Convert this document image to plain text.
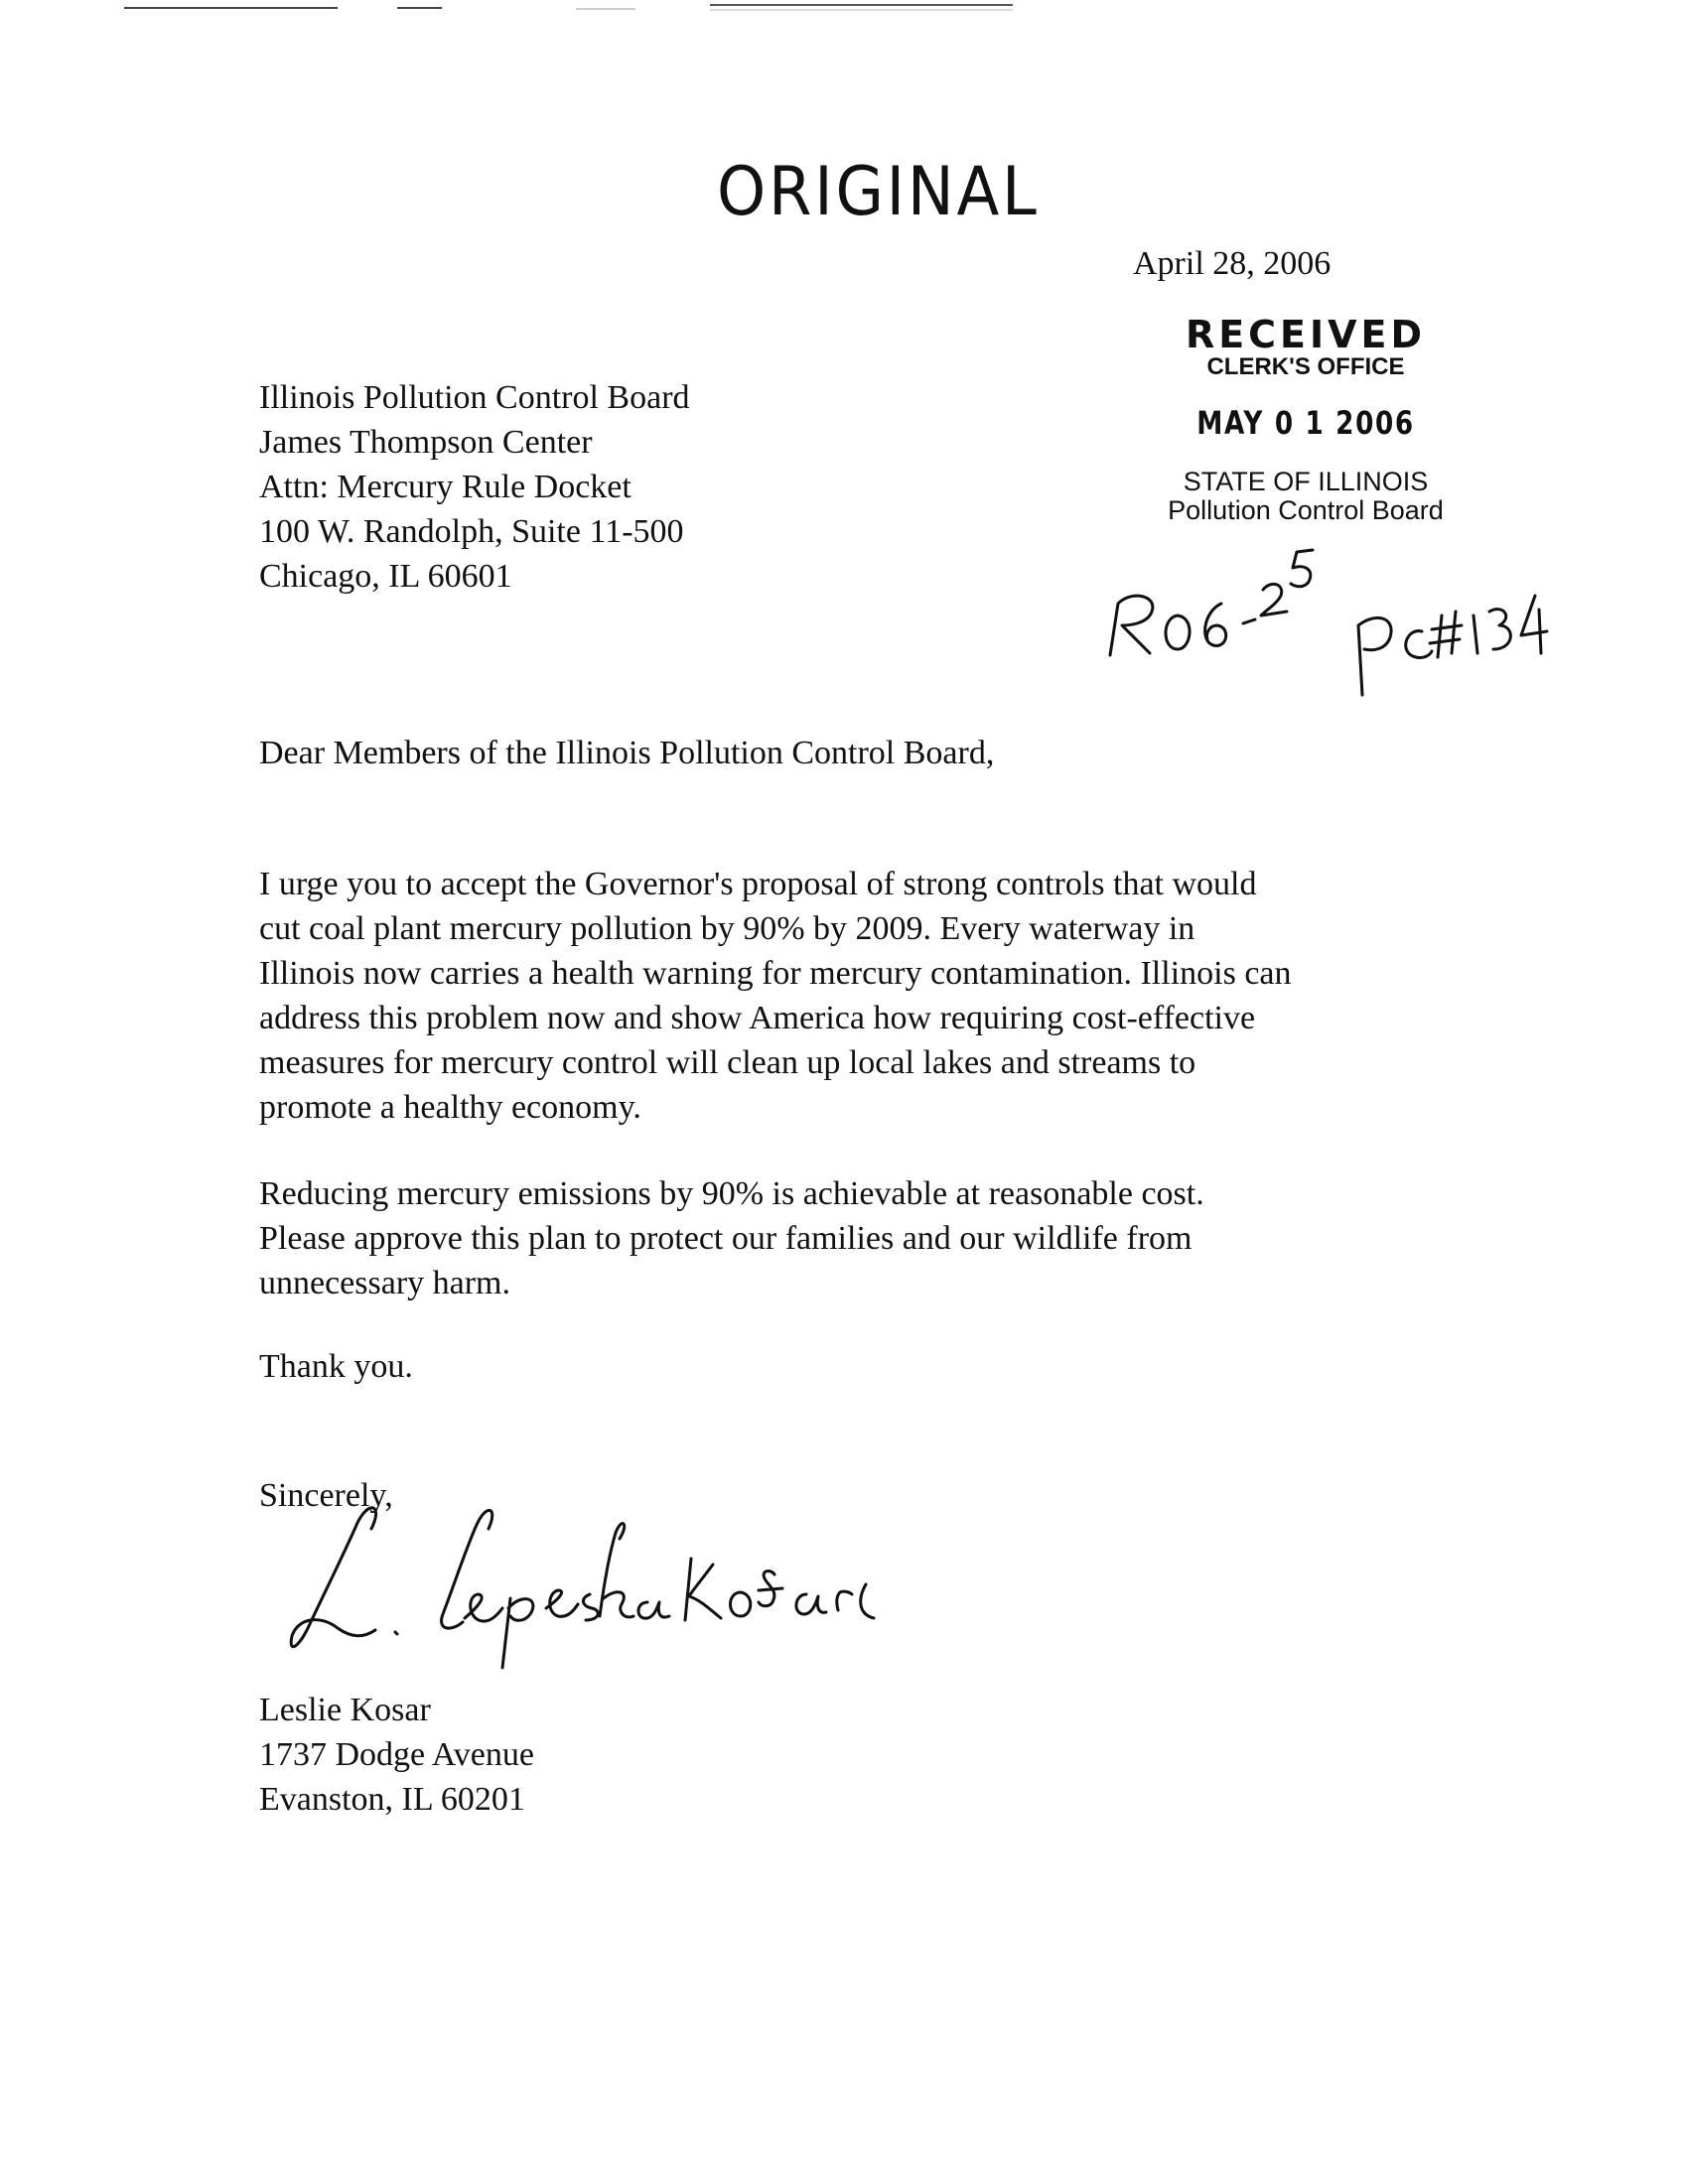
ORIGINAL
April 28, 2006
RECEIVED
CLERK'S OFFICE
MAY 0 1 2006
STATE OF ILLINOIS
Pollution Control Board
Illinois Pollution Control Board
James Thompson Center
Attn: Mercury Rule Docket
100 W. Randolph, Suite 11-500
Chicago, IL 60601
Dear Members of the Illinois Pollution Control Board,

I urge you to accept the Governor's proposal of strong controls that would
cut coal plant mercury pollution by 90% by 2009. Every waterway in
Illinois now carries a health warning for mercury contamination. Illinois can
address this problem now and show America how requiring cost-effective
measures for mercury control will clean up local lakes and streams to
promote a healthy economy.

Reducing mercury emissions by 90% is achievable at reasonable cost.
Please approve this plan to protect our families and our wildlife from
unnecessary harm.

Thank you.
Sincerely,
Leslie Kosar
1737 Dodge Avenue
Evanston, IL 60201
